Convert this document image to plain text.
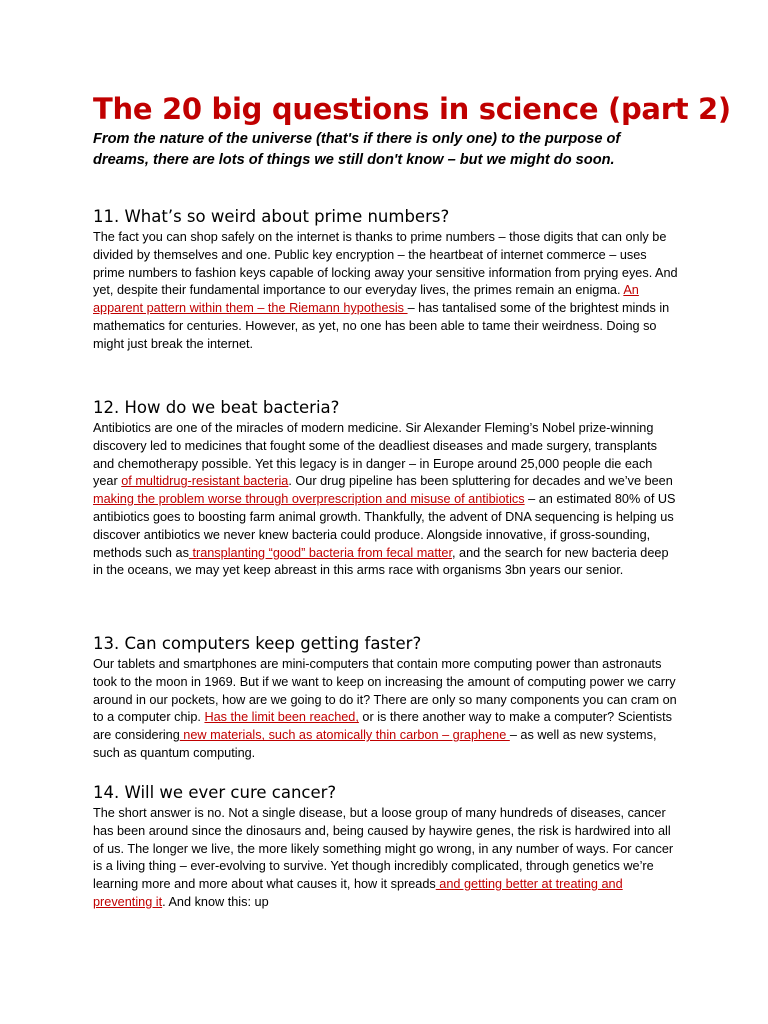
The 20 big questions in science (part 2)
From the nature of the universe (that's if there is only one) to the purpose of dreams, there are lots of things we still don't know – but we might do soon.
11. What’s so weird about prime numbers?

The fact you can shop safely on the internet is thanks to prime numbers – those digits that can only be divided by themselves and one. Public key encryption – the heartbeat of internet commerce – uses prime numbers to fashion keys capable of locking away your sensitive information from prying eyes. And yet, despite their fundamental importance to our everyday lives, the primes remain an enigma. An apparent pattern within them – the Riemann hypothesis – has tantalised some of the brightest minds in mathematics for centuries. However, as yet, no one has been able to tame their weirdness. Doing so might just break the internet.

12. How do we beat bacteria?

Antibiotics are one of the miracles of modern medicine. Sir Alexander Fleming’s Nobel prize-winning discovery led to medicines that fought some of the deadliest diseases and made surgery, transplants and chemotherapy possible. Yet this legacy is in danger – in Europe around 25,000 people die each year of multidrug-resistant bacteria. Our drug pipeline has been spluttering for decades and we’ve been making the problem worse through overprescription and misuse of antibiotics – an estimated 80% of US antibiotics goes to boosting farm animal growth. Thankfully, the advent of DNA sequencing is helping us discover antibiotics we never knew bacteria could produce. Alongside innovative, if gross-sounding, methods such as transplanting “good” bacteria from fecal matter, and the search for new bacteria deep in the oceans, we may yet keep abreast in this arms race with organisms 3bn years our senior.

13. Can computers keep getting faster?

Our tablets and smartphones are mini-computers that contain more computing power than astronauts took to the moon in 1969. But if we want to keep on increasing the amount of computing power we carry around in our pockets, how are we going to do it? There are only so many components you can cram on to a computer chip. Has the limit been reached, or is there another way to make a computer? Scientists are considering new materials, such as atomically thin carbon – graphene – as well as new systems, such as quantum computing.

14. Will we ever cure cancer?

The short answer is no. Not a single disease, but a loose group of many hundreds of diseases, cancer has been around since the dinosaurs and, being caused by haywire genes, the risk is hardwired into all of us. The longer we live, the more likely something might go wrong, in any number of ways. For cancer is a living thing – ever-evolving to survive. Yet though incredibly complicated, through genetics we’re learning more and more about what causes it, how it spreads and getting better at treating and preventing it. And know this: up
